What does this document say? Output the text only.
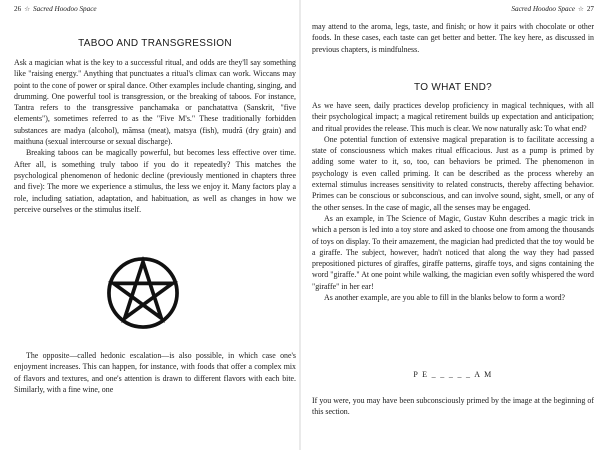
26 ☆ Sacred Hoodoo Space
TABOO AND TRANSGRESSION

Ask a magician what is the key to a successful ritual, and odds are they'll say something like "raising energy." Anything that punctuates a ritual's climax can work. Wiccans may point to the cone of power or spiral dance. Other examples include chanting, singing, and drumming. One powerful tool is transgression, or the breaking of taboos. For instance, Tantra refers to the transgressive panchamaka or panchatattva (Sanskrit, "five elements"), sometimes referred to as the "Five M's." These traditionally forbidden substances are madya (alcohol), māmsa (meat), matsya (fish), mudrā (dry grain) and maithuna (sexual intercourse or sexual discharge).

Breaking taboos can be magically powerful, but becomes less effective over time. After all, is something truly taboo if you do it repeatedly? This matches the psychological phenomenon of hedonic decline (previously mentioned in chapters three and five): The more we experience a stimulus, the less we enjoy it. Many factors play a role, including satiation, adaptation, and habituation, as well as changes in how we perceive ourselves or the stimulus itself.

The opposite—called hedonic escalation—is also possible, in which case one's enjoyment increases. This can happen, for instance, with foods that offer a complex mix of flavors and textures, and one's attention is drawn to different flavors with each bite. Similarly, with a fine wine, one

Sacred Hoodoo Space ☆ 27

may attend to the aroma, legs, taste, and finish; or how it pairs with chocolate or other foods. In these cases, each taste can get better and better. The key here, as discussed in previous chapters, is mindfulness.

TO WHAT END?

As we have seen, daily practices develop proficiency in magical techniques, with all their psychological impact; a magical retirement builds up expectation and anticipation; and ritual provides the release. This much is clear. We now naturally ask: To what end?

One potential function of extensive magical preparation is to facilitate accessing a state of consciousness which makes ritual efficacious. Just as a pump is primed by adding some water to it, so, too, can behaviors be primed. The phenomenon in psychology is even called priming. It can be described as the process whereby an external stimulus increases sensitivity to related constructs, thereby affecting behavior. Primes can be conscious or subconscious, and can involve sound, sight, smell, or any of the other senses. In the case of magic, all the senses may be engaged.

As an example, in The Science of Magic, Gustav Kuhn describes a magic trick in which a person is led into a toy store and asked to choose one from among the thousands of toys on display. To their amazement, the magician had predicted that the toy would be a giraffe. The subject, however, hadn't noticed that along the way they had passed prepositioned pictures of giraffes, giraffe patterns, giraffe toys, and signs containing the word "giraffe." At one point while walking, the magician even softly whispered the word "giraffe" in her ear!

As another example, are you able to fill in the blanks below to form a word?

P E _ _ _ _ _ A M

If you were, you may have been subconsciously primed by the image at the beginning of this section.
